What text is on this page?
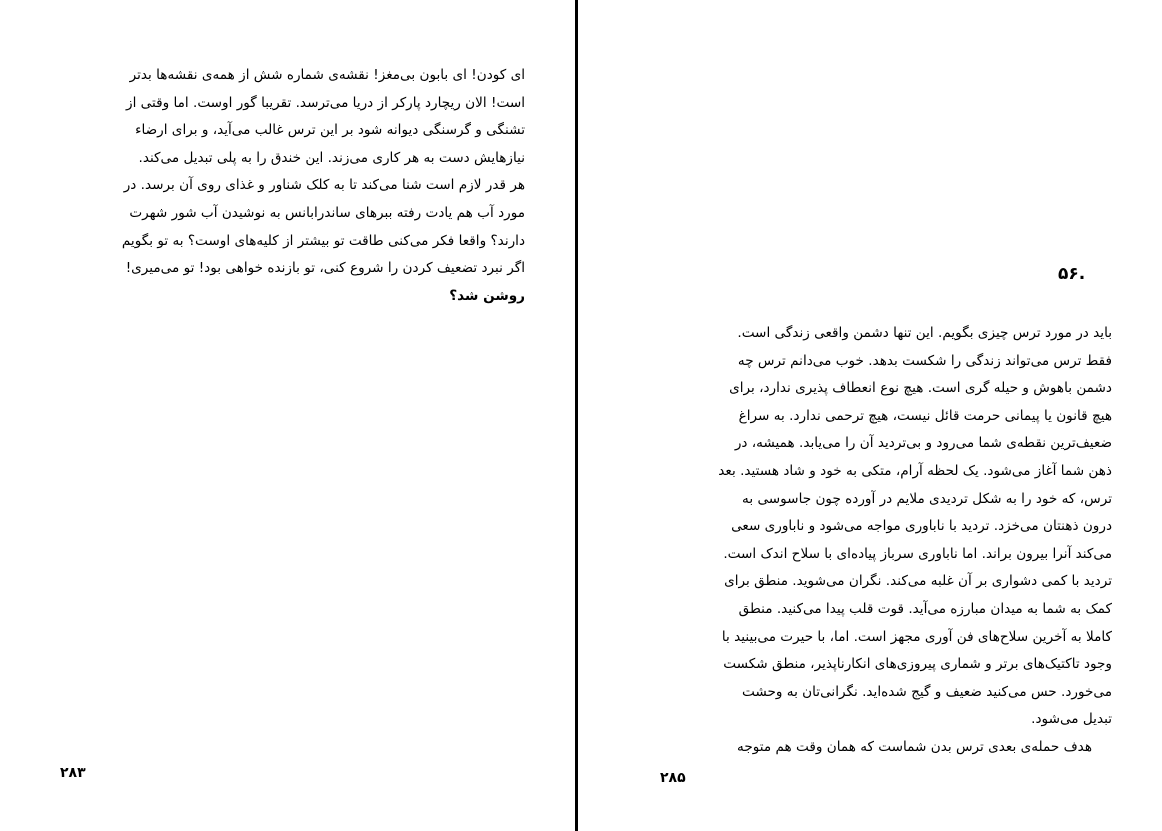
ای کودن! ای بابون بی‌مغز! نقشه‌ی شماره شش از همه‌ی نقشه‌ها بدتر

است! الان ریچارد پارکر از دریا می‌ترسد. تقریبا گور اوست. اما وقتی از

تشنگی و گرسنگی دیوانه شود بر این ترس غالب می‌آید، و برای ارضاء

نیازهایش دست به هر کاری می‌زند. این خندق را به پلی تبدیل می‌کند.

هر قدر لازم است شنا می‌کند تا به کلک شناور و غذای روی آن برسد. در

مورد آب هم یادت رفته ببرهای ساندرابانس به نوشیدن آب شور شهرت

دارند؟ واقعا فکر می‌کنی طاقت تو بیشتر از کلیه‌های اوست؟ به تو بگویم

اگر نبرد تضعیف کردن را شروع کنی، تو بازنده خواهی بود! تو می‌میری!

روشن شد؟

۲۸۳
.۵۶

باید در مورد ترس چیزی بگویم. این تنها دشمن واقعی زندگی است.

فقط ترس می‌تواند زندگی را شکست بدهد. خوب می‌دانم ترس چه

دشمن باهوش و حیله گری است. هیچ نوع انعطاف پذیری ندارد، برای

هیچ قانون یا پیمانی حرمت قائل نیست، هیچ ترحمی ندارد. به سراغ

ضعیف‌ترین نقطه‌ی شما می‌رود و بی‌تردید آن را می‌یابد. همیشه، در

ذهن شما آغاز می‌شود. یک لحظه آرام، متکی به خود و شاد هستید. بعد

ترس، که خود را به شکل تردیدی ملایم در آورده چون جاسوسی به

درون ذهنتان می‌خزد. تردید با ناباوری مواجه می‌شود و ناباوری سعی

می‌کند آنرا بیرون براند. اما ناباوری سرباز پیاده‌ای با سلاح اندک است.

تردید با کمی دشواری بر آن غلبه می‌کند. نگران می‌شوید. منطق برای

کمک به شما به میدان مبارزه می‌آید. قوت قلب پیدا می‌کنید. منطق

کاملا به آخرین سلاح‌های فن آوری مجهز است. اما، با حیرت می‌بینید با

وجود تاکتیک‌های برتر و شماری پیروزی‌های انکارناپذیر، منطق شکست

می‌خورد. حس می‌کنید ضعیف و گیج شده‌اید. نگرانی‌تان به وحشت

تبدیل می‌شود.

هدف حمله‌ی بعدی ترس بدن شماست که همان وقت هم متوجه

۲۸۵
